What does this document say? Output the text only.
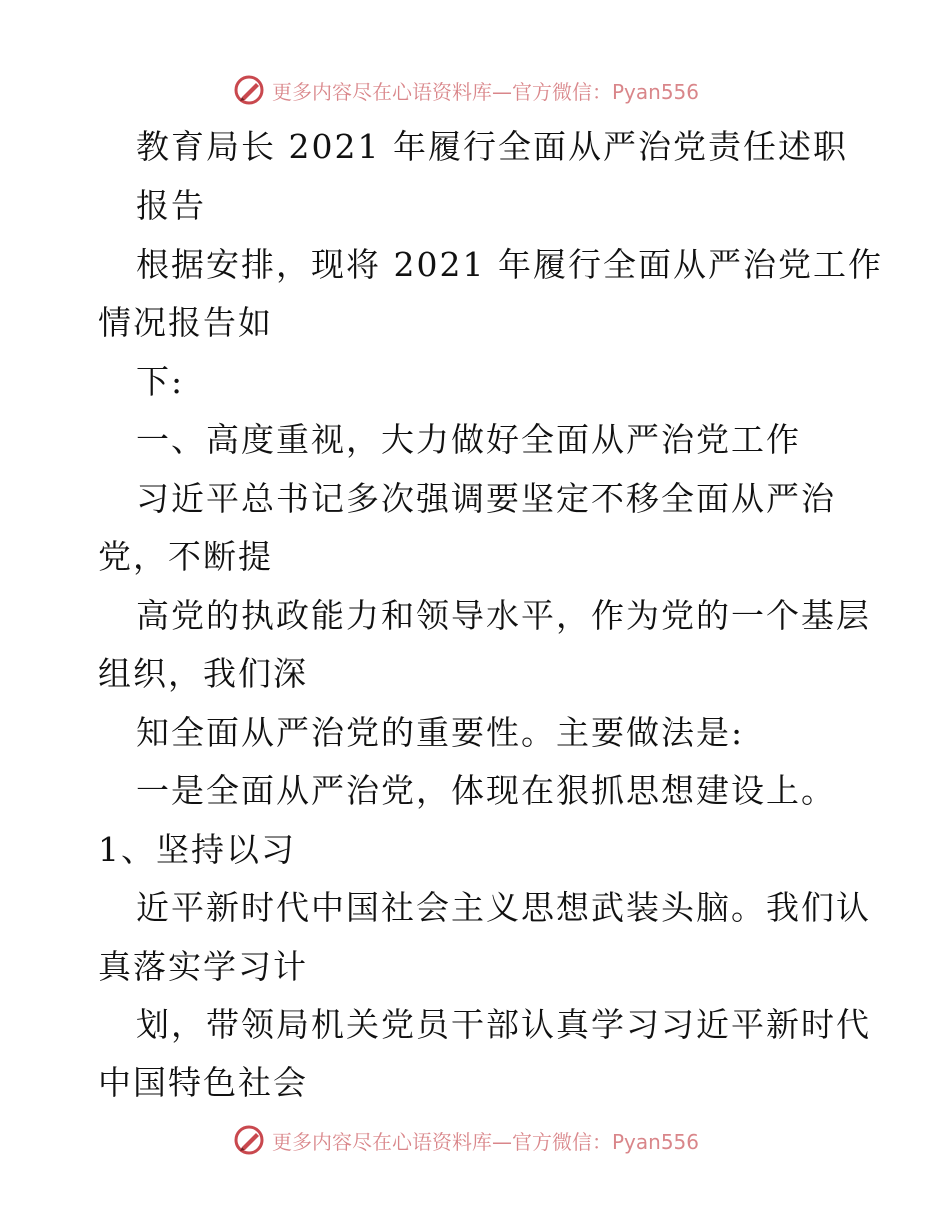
更多内容尽在心语资料库—官方微信：Pyan556
教育局长 2021 年履行全面从严治党责任述职
报告
根据安排，现将 2021 年履行全面从严治党工作
情况报告如
下:
一、高度重视，大力做好全面从严治党工作
习近平总书记多次强调要坚定不移全面从严治
党，不断提
高党的执政能力和领导水平，作为党的一个基层
组织，我们深
知全面从严治党的重要性。主要做法是:
一是全面从严治党，体现在狠抓思想建设上。
1、坚持以习
近平新时代中国社会主义思想武装头脑。我们认
真落实学习计
划，带领局机关党员干部认真学习习近平新时代
中国特色社会
更多内容尽在心语资料库—官方微信：Pyan556
